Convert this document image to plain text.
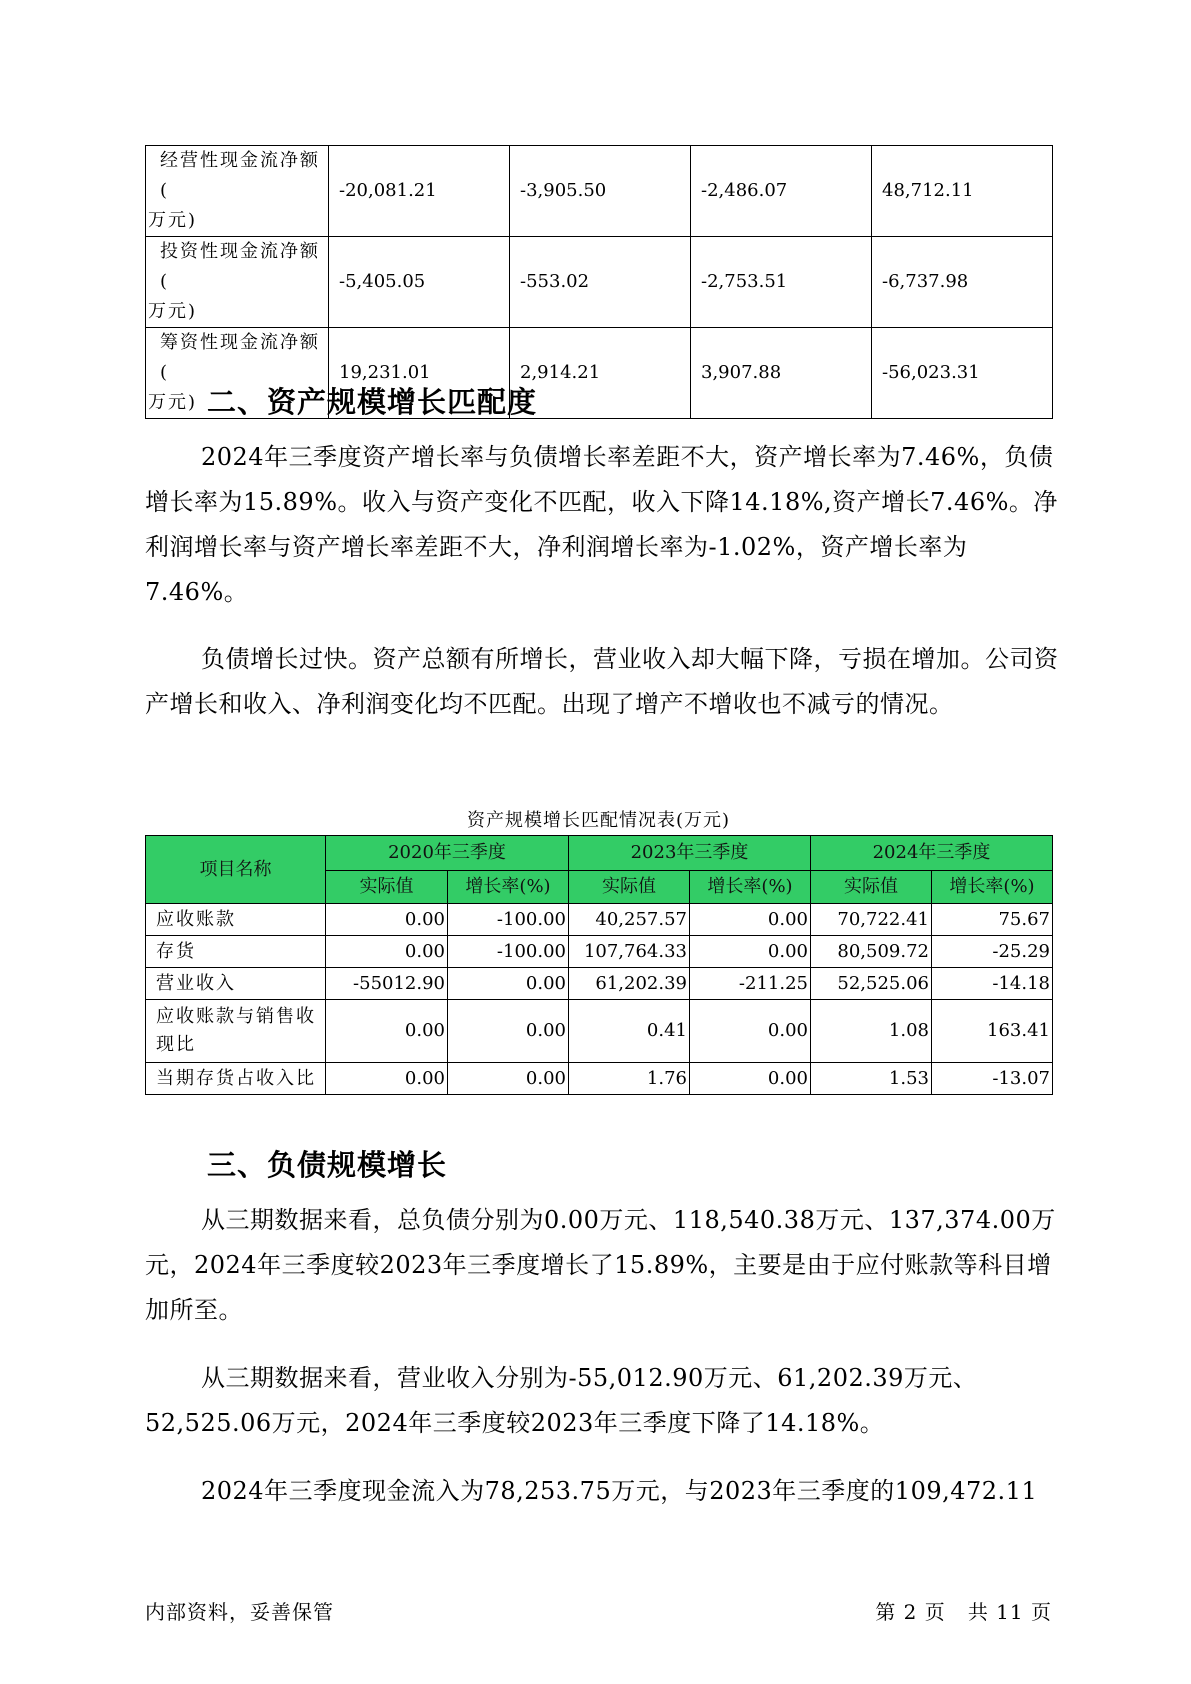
经营性现金流净额(
万元)	-20,081.21	-3,905.50	-2,486.07	48,712.11

投资性现金流净额(
万元)	-5,405.05	-553.02	-2,753.51	-6,737.98

筹资性现金流净额(
万元)	19,231.01	2,914.21	3,907.88	-56,023.31
二、资产规模增长匹配度
2024年三季度资产增长率与负债增长率差距不大，资产增长率为7.46%，负债增长率为15.89%。收入与资产变化不匹配，收入下降14.18%,资产增长7.46%。净利润增长率与资产增长率差距不大，净利润增长率为-1.02%，资产增长率为7.46%。
负债增长过快。资产总额有所增长，营业收入却大幅下降，亏损在增加。公司资产增长和收入、净利润变化均不匹配。出现了增产不增收也不减亏的情况。
资产规模增长匹配情况表(万元)
项目名称	2020年三季度		2023年三季度		2024年三季度	
	实际值	增长率(%)	实际值	增长率(%)	实际值	增长率(%)
应收账款	0.00	-100.00	40,257.57	0.00	70,722.41	75.67
存货	0.00	-100.00	107,764.33	0.00	80,509.72	-25.29
营业收入	-55012.90	0.00	61,202.39	-211.25	52,525.06	-14.18
应收账款与销售收现比	0.00	0.00	0.41	0.00	1.08	163.41
当期存货占收入比	0.00	0.00	1.76	0.00	1.53	-13.07
三、负债规模增长
从三期数据来看，总负债分别为0.00万元、118,540.38万元、137,374.00万元，2024年三季度较2023年三季度增长了15.89%，主要是由于应付账款等科目增加所至。
从三期数据来看，营业收入分别为-55,012.90万元、61,202.39万元、52,525.06万元，2024年三季度较2023年三季度下降了14.18%。
2024年三季度现金流入为78,253.75万元，与2023年三季度的109,472.11
内部资料，妥善保管	第 2 页   共 11 页
